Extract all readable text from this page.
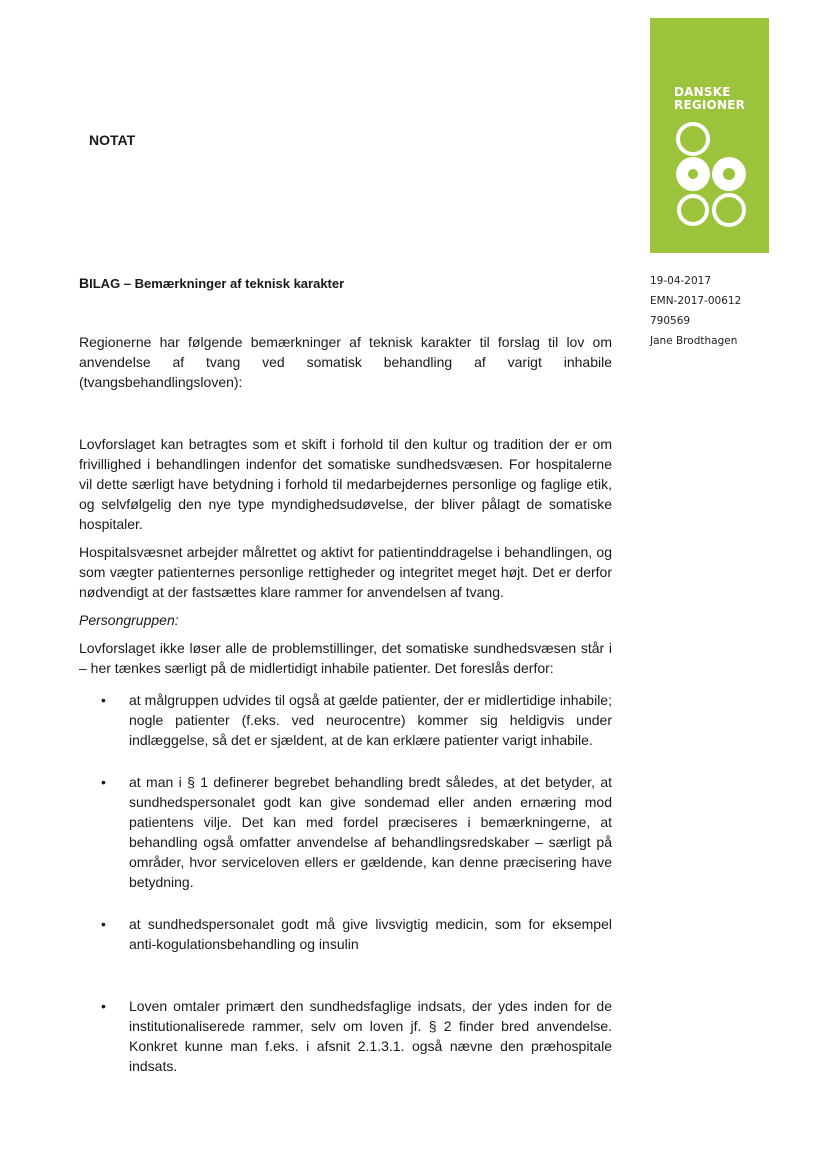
DANSKE
REGIONER
NOTAT
19-04-2017
EMN-2017-00612
790569
Jane Brodthagen
BILAG – Bemærkninger af teknisk karakter

Regionerne har følgende bemærkninger af teknisk karakter til forslag til lov om anvendelse af tvang ved somatisk behandling af varigt inhabile (tvangsbehandlingsloven):

Lovforslaget kan betragtes som et skift i forhold til den kultur og tradition der er om frivillighed i behandlingen indenfor det somatiske sundhedsvæsen. For hospitalerne vil dette særligt have betydning i forhold til medarbejdernes personlige og faglige etik, og selvfølgelig den nye type myndighedsudøvelse, der bliver pålagt de somatiske hospitaler.

Hospitalsvæsnet arbejder målrettet og aktivt for patientinddragelse i behandlingen, og som vægter patienternes personlige rettigheder og integritet meget højt. Det er derfor nødvendigt at der fastsættes klare rammer for anvendelsen af tvang.

Persongruppen:

Lovforslaget ikke løser alle de problemstillinger, det somatiske sundhedsvæsen står i – her tænkes særligt på de midlertidigt inhabile patienter. Det foreslås derfor:

• at målgruppen udvides til også at gælde patienter, der er midlertidige inhabile; nogle patienter (f.eks. ved neurocentre) kommer sig heldigvis under indlæggelse, så det er sjældent, at de kan erklære patienter varigt inhabile.
• at man i § 1 definerer begrebet behandling bredt således, at det betyder, at sundhedspersonalet godt kan give sondemad eller anden ernæring mod patientens vilje. Det kan med fordel præciseres i bemærkningerne, at behandling også omfatter anvendelse af behandlingsredskaber – særligt på områder, hvor serviceloven ellers er gældende, kan denne præcisering have betydning.
• at sundhedspersonalet godt må give livsvigtig medicin, som for eksempel anti-kogulationsbehandling og insulin
• Loven omtaler primært den sundhedsfaglige indsats, der ydes inden for de institutionaliserede rammer, selv om loven jf. § 2 finder bred anvendelse. Konkret kunne man f.eks. i afsnit 2.1.3.1. også nævne den præhospitale indsats.
